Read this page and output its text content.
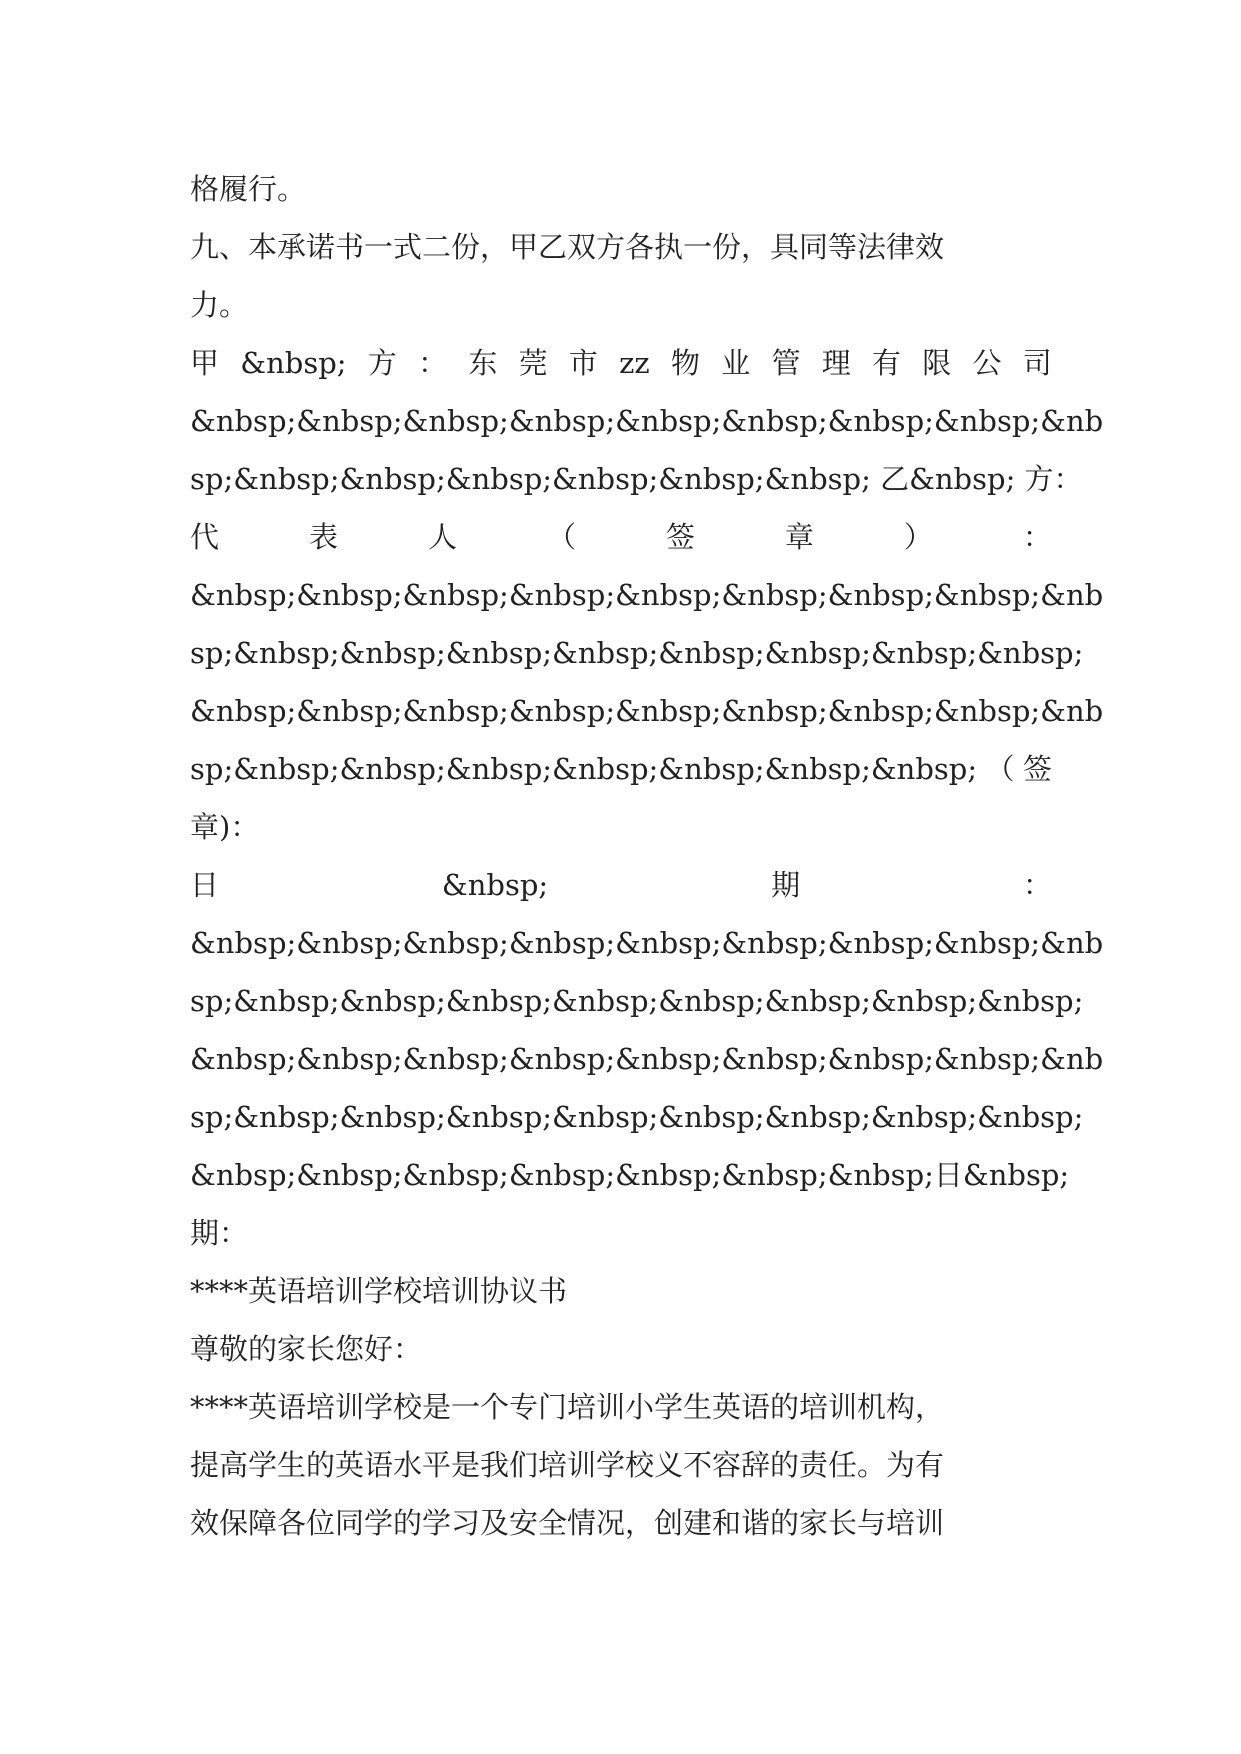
格履行。
九、本承诺书一式二份，甲乙双方各执一份，具同等法律效
力。
甲 &nbsp; 方 ： 东 莞 市 zz 物 业 管 理 有 限 公 司
&nbsp;&nbsp;&nbsp;&nbsp;&nbsp;&nbsp;&nbsp;&nbsp;&nb
sp;&nbsp;&nbsp;&nbsp;&nbsp;&nbsp;&nbsp; 乙&nbsp; 方：
代	表	人	（	签	章	）	：
&nbsp;&nbsp;&nbsp;&nbsp;&nbsp;&nbsp;&nbsp;&nbsp;&nb
sp;&nbsp;&nbsp;&nbsp;&nbsp;&nbsp;&nbsp;&nbsp;&nbsp;
&nbsp;&nbsp;&nbsp;&nbsp;&nbsp;&nbsp;&nbsp;&nbsp;&nb
sp;&nbsp;&nbsp;&nbsp;&nbsp;&nbsp;&nbsp;&nbsp; （ 签
章)：
日	&nbsp;	期	：
&nbsp;&nbsp;&nbsp;&nbsp;&nbsp;&nbsp;&nbsp;&nbsp;&nb
sp;&nbsp;&nbsp;&nbsp;&nbsp;&nbsp;&nbsp;&nbsp;&nbsp;
&nbsp;&nbsp;&nbsp;&nbsp;&nbsp;&nbsp;&nbsp;&nbsp;&nb
sp;&nbsp;&nbsp;&nbsp;&nbsp;&nbsp;&nbsp;&nbsp;&nbsp;
&nbsp;&nbsp;&nbsp;&nbsp;&nbsp;&nbsp;&nbsp; 日 &nbsp;
期：
****英语培训学校培训协议书
尊敬的家长您好：
****英语培训学校是一个专门培训小学生英语的培训机构，
提高学生的英语水平是我们培训学校义不容辞的责任。为有
效保障各位同学的学习及安全情况，创建和谐的家长与培训
